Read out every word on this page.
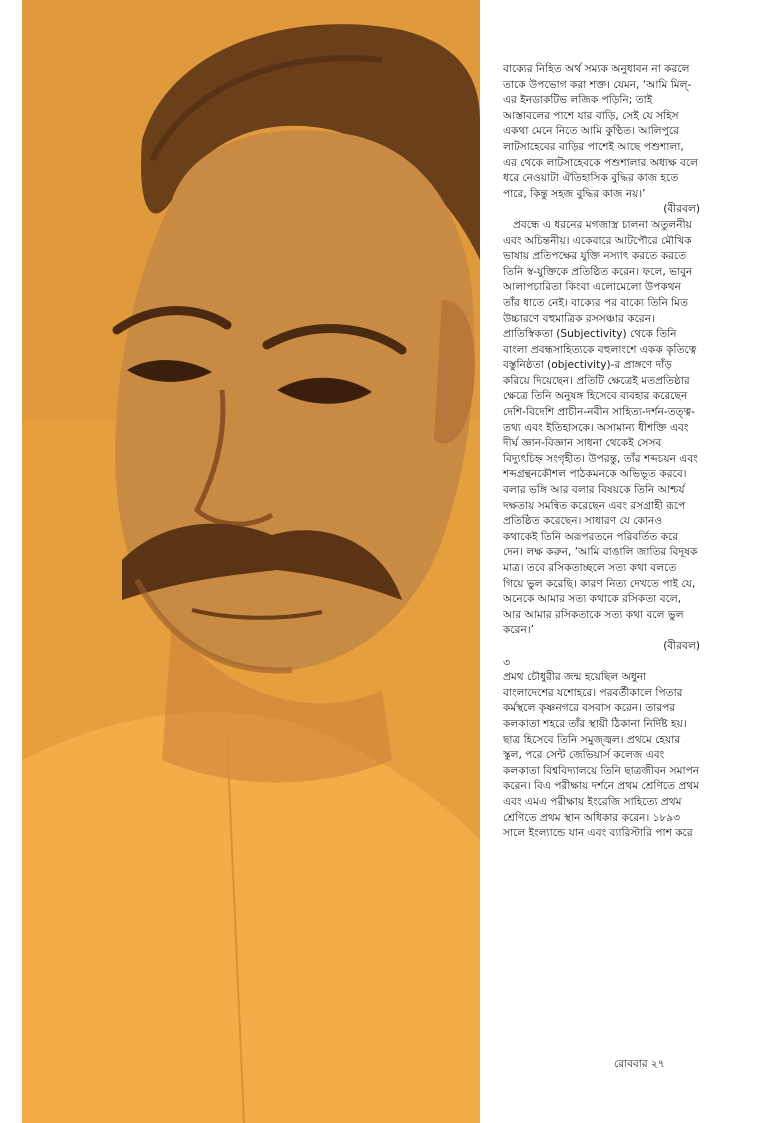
বাক্যের নিহিত অর্থ সম্যক অনুধাবন না করলে তাকে উপভোগ করা শক্ত। যেমন, ‘আমি মিল্‌-এর ইনডাকটিভ লজিক পড়িনি; তাই আস্তাবলের পাশে যার বাড়ি, সেই যে সহিস একথা মেনে নিতে আমি কুণ্ঠিত। আলিপুরে লাটসাহেবের বাড়ির পাশেই আছে পশুশালা, এর থেকে লাটসাহেবকে পশুশালার অধ্যক্ষ বলে ধরে নেওয়াটা ঐতিহাসিক বুদ্ধির কাজ হতে পারে, কিন্তু সহজ বুদ্ধির কাজ নয়।’

(বীরবল)

প্রবন্ধে এ ধরনের মগজাস্ত্র চালনা অতুলনীয় এবং অচিন্তনীয়। একেবারে আটপৌরে মৌখিক ভাষায় প্রতিপক্ষের যুক্তি নস্যাৎ করতে করতে তিনি স্ব-যুক্তিকে প্রতিষ্ঠিত করেন। ফলে, ভাবুন আলাপচারিতা কিংবা এলোমেলো উপকথন তাঁর ধাতে নেই। বাক্যের পর বাক্যে তিনি মিত উচ্চারণে বহুমাত্রিক রসসঞ্চার করেন। প্রাতিস্বিকতা (Subjectivity) থেকে তিনি বাংলা প্রবন্ধসাহিত্যকে বহুলাংশে একক কৃতিত্বে বস্তুনিষ্ঠতা (objectivity)-র প্রাঙ্গণে দাঁড় করিয়ে দিয়েছেন। প্রতিটি ক্ষেত্রেই মতপ্রতিষ্ঠার ক্ষেত্রে তিনি অনুষঙ্গ হিসেবে ব্যবহার করেছেন দেশি-বিদেশি প্রাচীন-নবীন সাহিত্য-দর্শন-তত্ত্ব-তথ্য এবং ইতিহাসকে। অসামান্য ধীশক্তি এবং দীর্ঘ জ্ঞান-বিজ্ঞান সাধনা থেকেই সেসব বিদ্যুৎচিহ্ন সংগৃহীত। উপরন্তু, তাঁর শব্দচয়ন এবং শব্দগ্রন্থনকৌশল পাঠকমনকে অভিভূত করবে। বলার ভঙ্গি আর বলার বিষয়কে তিনি আশ্চর্য দক্ষতায় সমন্বিত করেছেন এবং রসগ্রাহী রূপে প্রতিষ্ঠিত করেছেন। সাধারণ যে কোনও কথাকেই তিনি অরূপরতনে পরিবর্তিত করে দেন। লক্ষ করুন, ‘আমি বাঙালি জাতির বিদূষক মাত্র। তবে রসিকতাচ্ছলে সত্য কথা বলতে গিয়ে ভুল করেছি। কারণ নিত্য দেখতে পাই যে, অনেকে আমার সত্য কথাকে রসিকতা বলে, আর আমার রসিকতাকে সত্য কথা বলে ভুল করেন।’

(বীরবল)

৩

প্রমথ চৌধুরীর জন্ম হয়েছিল অধুনা বাংলাদেশের যশোহরে। পরবর্তীকালে পিতার কর্মস্থলে কৃষ্ণনগরে বসবাস করেন। তারপর কলকাতা শহরে তাঁর স্থায়ী ঠিকানা নির্দিষ্ট হয়। ছাত্র হিসেবে তিনি সমুজ্জ্বল। প্রথমে হেয়ার স্কুল, পরে সেন্ট জেভিয়ার্স কলেজ এবং কলকাতা বিশ্ববিদ্যালয়ে তিনি ছাত্রজীবন সমাপন করেন। বিএ পরীক্ষায় দর্শনে প্রথম শ্রেণিতে প্রথম এবং এমএ পরীক্ষায় ইংরেজি সাহিত্যে প্রথম শ্রেণিতে প্রথম স্থান অধিকার করেন। ১৮৯৩ সালে ইংল্যান্ডে যান এবং ব্যারিস্টারি পাশ করে

রোববার ২৭
